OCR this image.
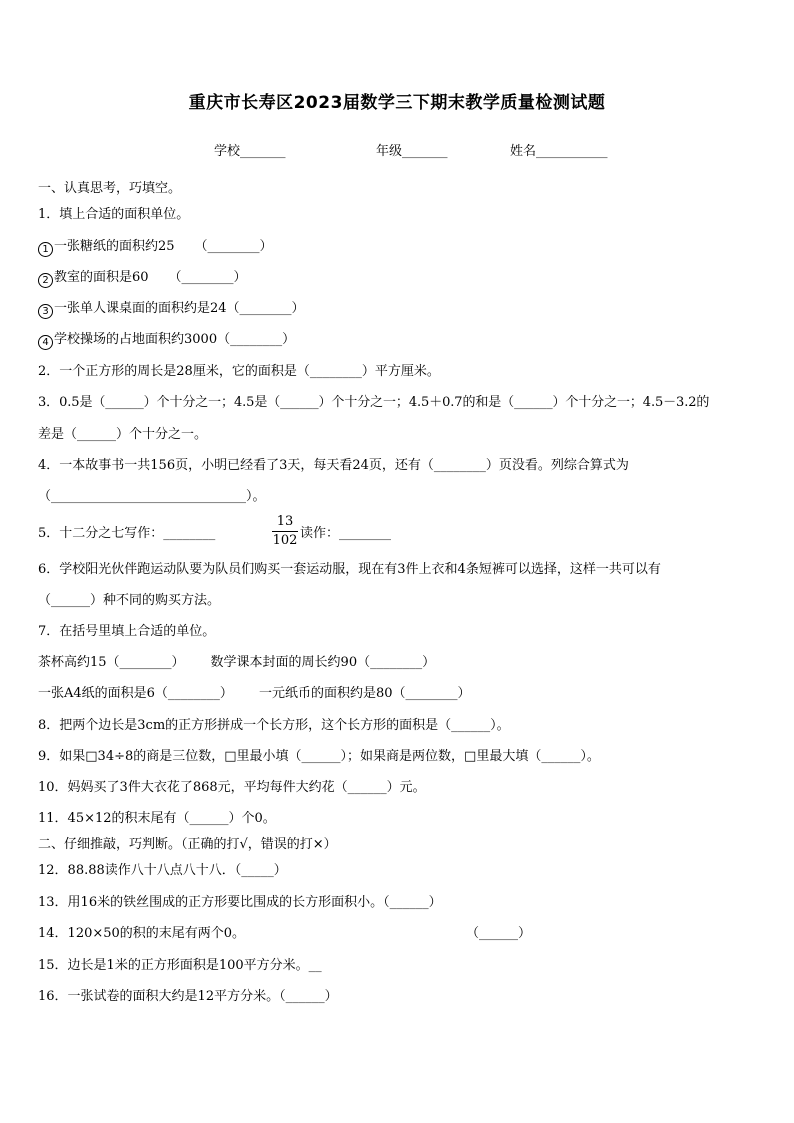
重庆市长寿区2023届数学三下期末教学质量检测试题
学校_______	年级_______	姓名___________
一、认真思考，巧填空。
1．填上合适的面积单位。
1 一张糖纸的面积约25 （________）
2 教室的面积是60 （________）
3 一张单人课桌面的面积约是24（________）
4 学校操场的占地面积约3000（________）
2．一个正方形的周长是28厘米，它的面积是（________）平方厘米。
3．0.5是（______）个十分之一；4.5是（______）个十分之一；4.5＋0.7的和是（______）个十分之一；4.5－3.2的
差是（______）个十分之一。
4．一本故事书一共156页，小明已经看了3天，每天看24页，还有（________）页没看。列综合算式为
（______________________________）。
5．十二分之七写作：________
13
102 读作：________
6．学校阳光伙伴跑运动队要为队员们购买一套运动服，现在有3件上衣和4条短裤可以选择，这样一共可以有
（______）种不同的购买方法。
7．在括号里填上合适的单位。
茶杯高约15（________） 数学课本封面的周长约90（________）
一张A4纸的面积是6（________） 一元纸币的面积约是80（________）
8．把两个边长是3cm的正方形拼成一个长方形，这个长方形的面积是（______）。
9．如果□34÷8的商是三位数，□里最小填（______）；如果商是两位数，□里最大填（______）。
10．妈妈买了3件大衣花了868元，平均每件大约花（______）元。
11．45×12的积末尾有（______）个0。
二、仔细推敲，巧判断。（正确的打√，错误的打×）
12．88.88读作八十八点八十八．（_____）
13．用16米的铁丝围成的正方形要比围成的长方形面积小。（______）
14．120×50的积的末尾有两个0。	（______）
15．边长是1米的正方形面积是100平方分米。__
16．一张试卷的面积大约是12平方分米。（______）
